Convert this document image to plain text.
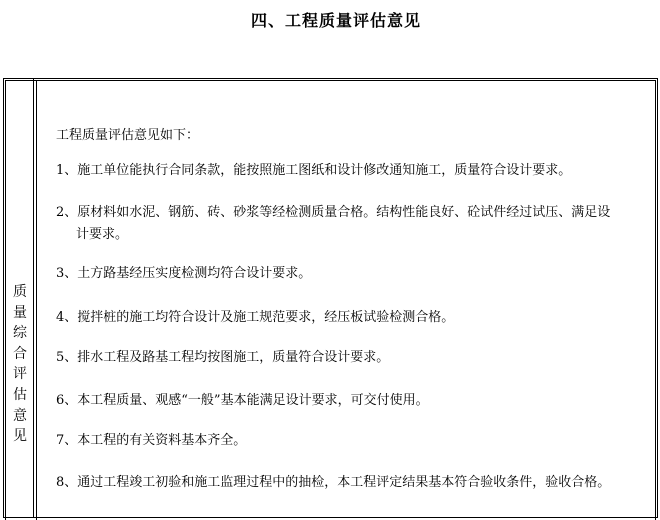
四、工程质量评估意见
质
量
综
合
评
估
意
见
工程质量评估意见如下：
1、施工单位能执行合同条款，能按照施工图纸和设计修改通知施工，质量符合设计要求。
2、原材料如水泥、钢筋、砖、砂浆等经检测质量合格。结构性能良好、砼试件经过试压、满足设
计要求。
3、土方路基经压实度检测均符合设计要求。
4、搅拌桩的施工均符合设计及施工规范要求，经压板试验检测合格。
5、排水工程及路基工程均按图施工，质量符合设计要求。
6、本工程质量、观感“一般”基本能满足设计要求，可交付使用。
7、本工程的有关资料基本齐全。
8、通过工程竣工初验和施工监理过程中的抽检，本工程评定结果基本符合验收条件，验收合格。
